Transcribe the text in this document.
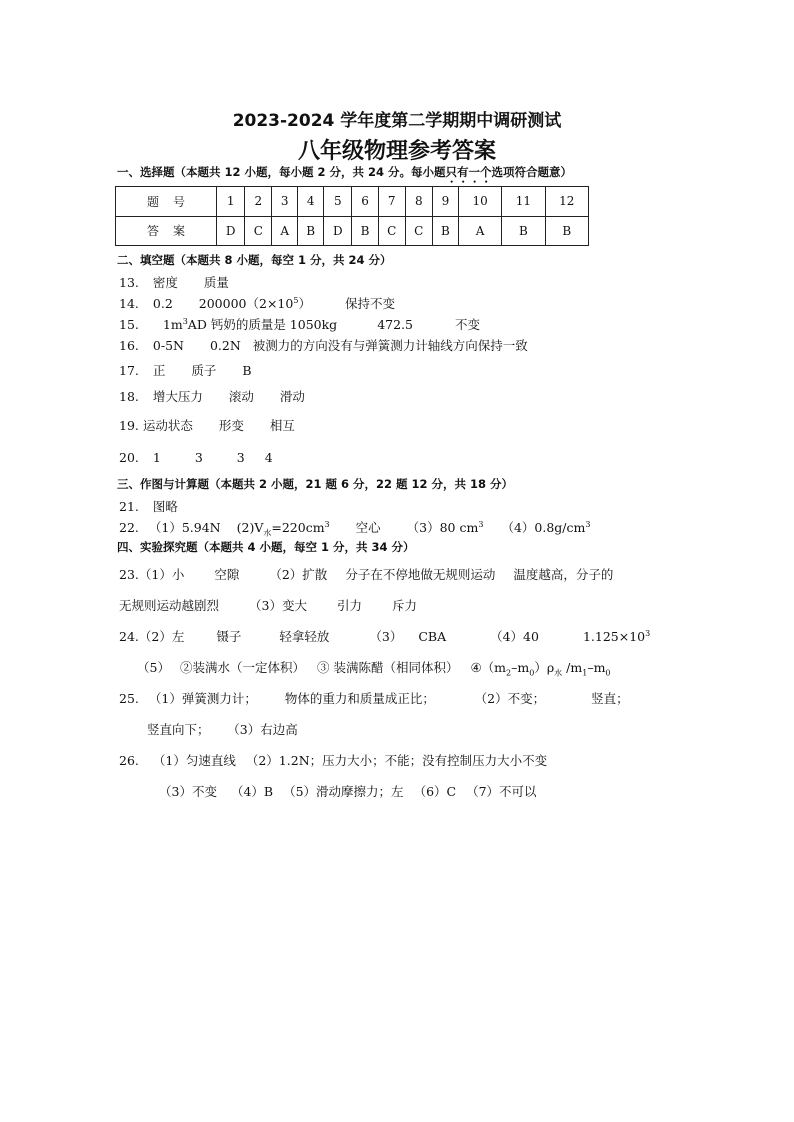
2023-2024 学年度第二学期期中调研测试
八年级物理参考答案
一、选择题（本题共 12 小题，每小题 2 分，共 24 分。每小题只有一个选项符合题意）
题号	1	2	3	4	5	6	7	8	9	10	11	12
答案	D	C	A	B	D	B	C	C	B	A	B	B
二、填空题（本题共 8 小题，每空 1 分，共 24 分）
13. 密度 质量
14. 0.2 $200000(2\times 10^5)$	保持不变
15. $1m^3AD$ 钙奶的质量是 1050kg	472.5	不变
16. 0-5N 0.2N 被测力的方向没有与弹簧测力计轴线方向保持一致
17. 正 质子 B
18. 增大压力 滚动 滑动
19. 运动状态 形变 相互
20. 1	3	3 4
三、作图与计算题（本题共 2 小题，21 题 6 分，22 题 12 分，共 18 分）
21. 图略
22. （1）5.94N $(2)V_水=220cm^3$ 空心 （3）80 $cm^3$ $(4)0.8g/cm^3$
四、实验探究题（本题共 4 小题，每空 1 分，共 34 分）
23.（1）小 空隙 （2）扩散 分子在不停地做无规则运动 温度越高，分子的
无规则运动越剧烈 （3）变大 引力 斥力
24.（2）左	镊子	轻拿轻放	（3） CBA	（4）40	$1.125\times 10^3$
（5） ②装满水（一定体积） ③ 装满陈醋（相同体积） $④(m_2-m_0)\rho_水$ $/m_1-m_0$
25. （1）弹簧测力计； 物体的重力和质量成正比；	（2）不变；	竖直；
竖直向下； （3）右边高
26. （1）匀速直线 （2）1.2N；压力大小；不能；没有控制压力大小不变
（3）不变 （4）B （5）滑动摩擦力；左 （6）C （7）不可以
